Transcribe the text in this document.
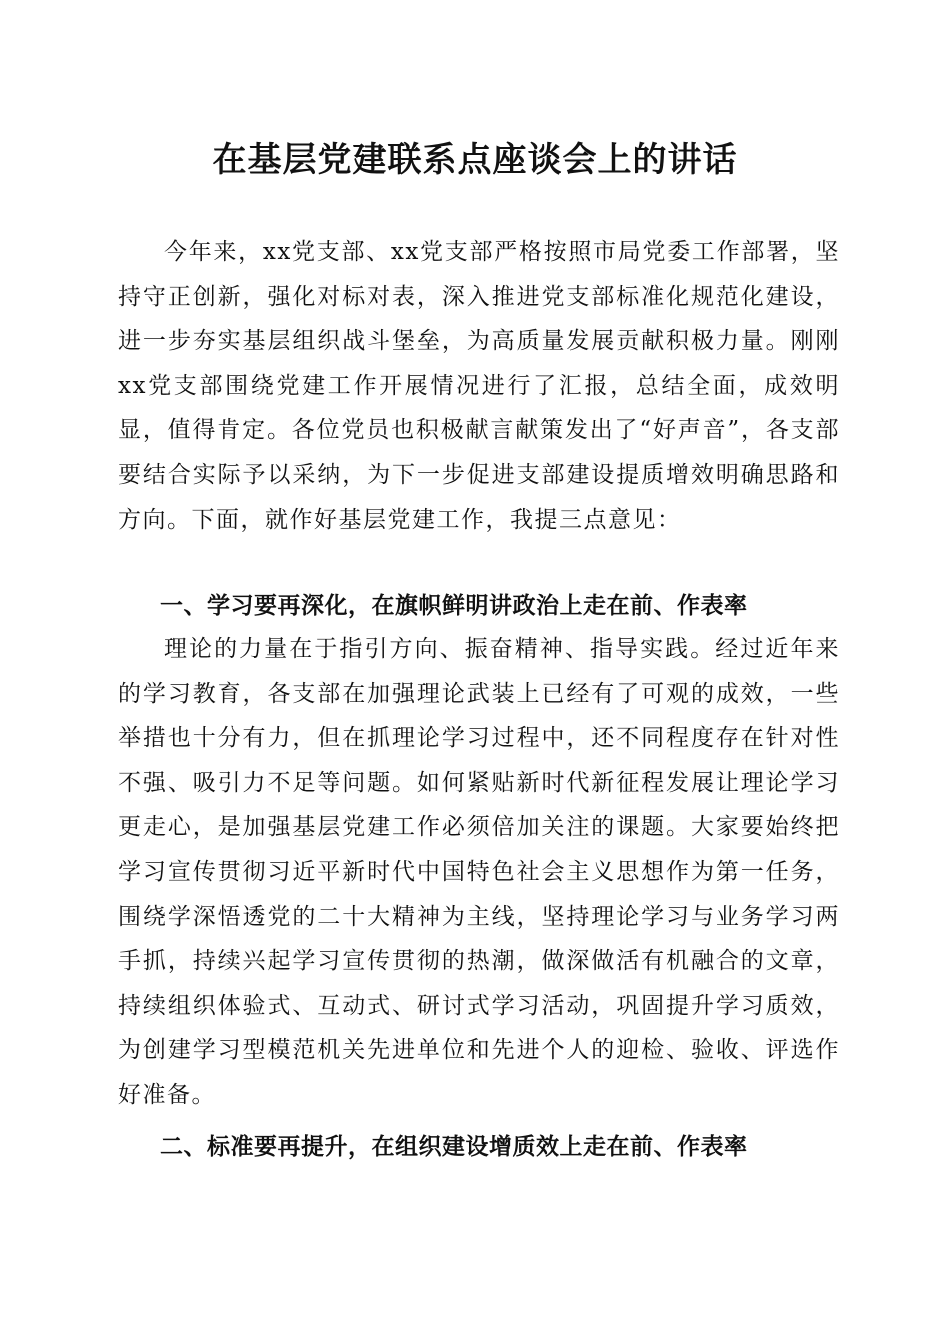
在基层党建联系点座谈会上的讲话

今年来，xx党支部、xx党支部严格按照市局党委工作部署，坚持守正创新，强化对标对表，深入推进党支部标准化规范化建设，进一步夯实基层组织战斗堡垒，为高质量发展贡献积极力量。刚刚xx党支部围绕党建工作开展情况进行了汇报，总结全面，成效明显，值得肯定。各位党员也积极献言献策发出了“好声音”，各支部要结合实际予以采纳，为下一步促进支部建设提质增效明确思路和方向。下面，就作好基层党建工作，我提三点意见：

一、学习要再深化，在旗帜鲜明讲政治上走在前、作表率

理论的力量在于指引方向、振奋精神、指导实践。经过近年来的学习教育，各支部在加强理论武装上已经有了可观的成效，一些举措也十分有力，但在抓理论学习过程中，还不同程度存在针对性不强、吸引力不足等问题。如何紧贴新时代新征程发展让理论学习更走心，是加强基层党建工作必须倍加关注的课题。大家要始终把学习宣传贯彻习近平新时代中国特色社会主义思想作为第一任务，围绕学深悟透党的二十大精神为主线，坚持理论学习与业务学习两手抓，持续兴起学习宣传贯彻的热潮，做深做活有机融合的文章，持续组织体验式、互动式、研讨式学习活动，巩固提升学习质效，为创建学习型模范机关先进单位和先进个人的迎检、验收、评选作好准备。

二、标准要再提升，在组织建设增质效上走在前、作表率
